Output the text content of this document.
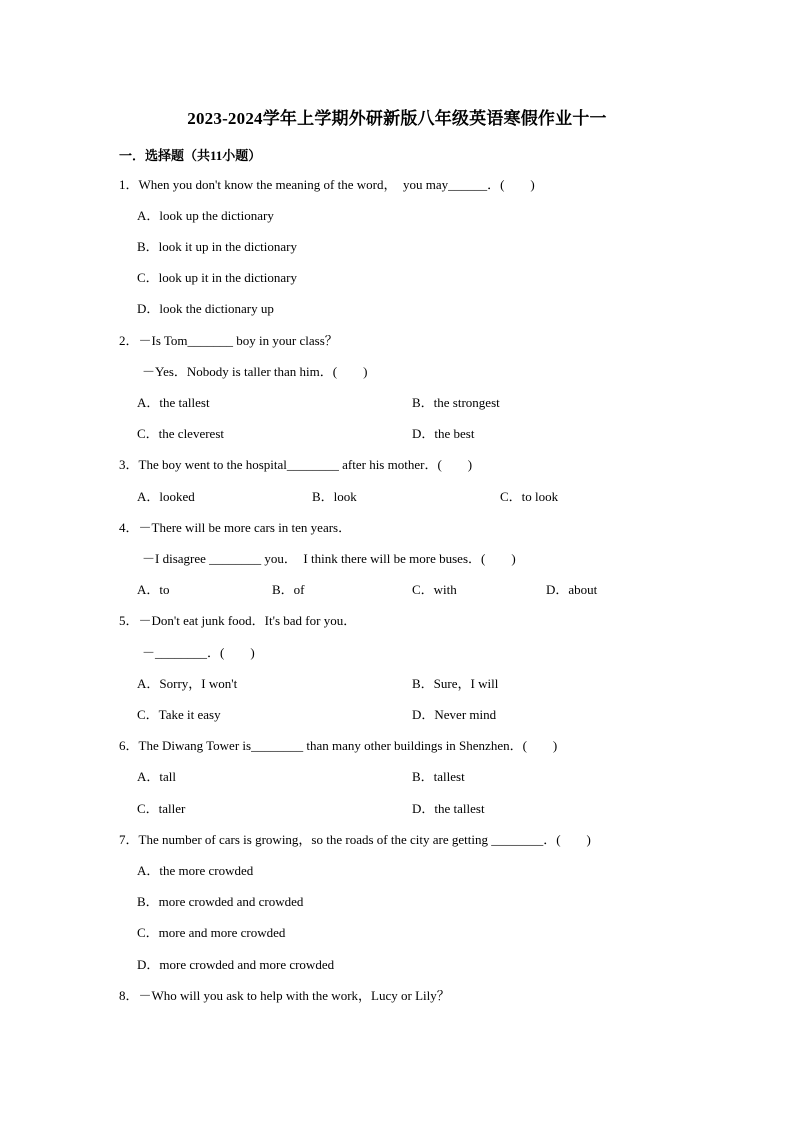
2023-2024学年上学期外研新版八年级英语寒假作业十一
一．选择题（共11小题）
1．When you don't know the meaning of the word，  you may______．(　　)
A．look up the dictionary
B．look it up in the dictionary
C．look up it in the dictionary
D．look the dictionary up
2．－Is Tom_______ boy in your class？
－Yes．Nobody is taller than him．(　　)
A．the tallest	B．the strongest
C．the cleverest	D．the best
3．The boy went to the hospital________ after his mother．(　　)
A．looked	B．look	C．to look
4．－There will be more cars in ten years．
－I disagree ________ you．  I think there will be more buses．(　　)
A．to	B．of	C．with	D．about
5．－Don't eat junk food．It's bad for you．
－________．(　　)
A．Sorry，I won't	B．Sure，I will
C．Take it easy	D．Never mind
6．The Diwang Tower is________ than many other buildings in Shenzhen．(　　)
A．tall	B．tallest
C．taller	D．the tallest
7．The number of cars is growing，so the roads of the city are getting ________．(　　)
A．the more crowded
B．more crowded and crowded
C．more and more crowded
D．more crowded and more crowded
8．－Who will you ask to help with the work，Lucy or Lily？
